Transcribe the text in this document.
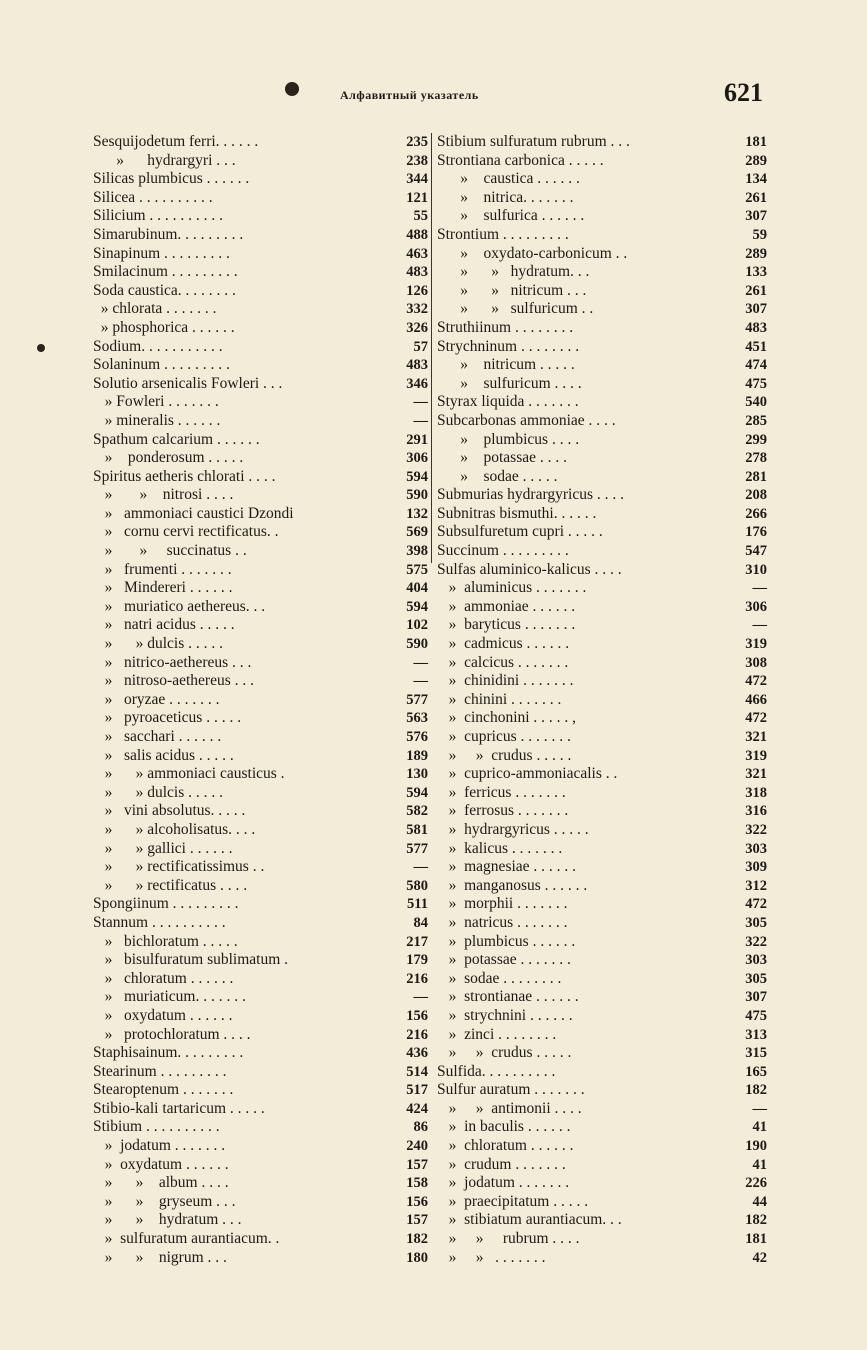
Алфавитный указатель	621
Sesquijodetum ferri. . . . . .	235
»      hydrargyri . . .	238
Silicas plumbicus . . . . . .	344
Silicea . . . . . . . . . .	121
Silicium . . . . . . . . . .	55
Simarubinum. . . . . . . . .	488
Sinapinum . . . . . . . . .	463
Smilacinum . . . . . . . . .	483
Soda caustica. . . . . . . .	126
» chlorata . . . . . . .	332
» phosphorica . . . . . .	326
Sodium. . . . . . . . . . .	57
Solaninum . . . . . . . . .	483
Solutio arsenicalis Fowleri . . .	346
» Fowleri . . . . . . .	—
» mineralis . . . . . .	—
Spathum calcarium . . . . . .	291
»    ponderosum . . . . .	306
Spiritus aetheris chlorati . . . .	594
»       »    nitrosi . . . .	590
»   ammoniaci caustici Dzondi	132
»   cornu cervi rectificatus. .	569
»       »     succinatus . .	398
»   frumenti . . . . . . .	575
»   Mindereri . . . . . .	404
»   muriatico aethereus. . .	594
»   natri acidus . . . . .	102
»      » dulcis . . . . .	590
»   nitrico-aethereus . . .	—
»   nitroso-aethereus . . .	—
»   oryzae . . . . . . .	577
»   pyroaceticus . . . . .	563
»   sacchari . . . . . .	576
»   salis acidus . . . . .	189
»      » ammoniaci causticus .	130
»      » dulcis . . . . .	594
»   vini absolutus. . . . .	582
»      » alcoholisatus. . . .	581
»      » gallici . . . . . .	577
»      » rectificatissimus . .	—
»      » rectificatus . . . .	580
Spongiinum . . . . . . . . .	511
Stannum . . . . . . . . . .	84
»   bichloratum . . . . .	217
»   bisulfuratum sublimatum .	179
»   chloratum . . . . . .	216
»   muriaticum. . . . . . .	—
»   oxydatum . . . . . .	156
»   protochloratum . . . .	216
Staphisainum. . . . . . . . .	436
Stearinum . . . . . . . . .	514
Stearoptenum . . . . . . .	517
Stibio-kali tartaricum . . . . .	424
Stibium . . . . . . . . . .	86
»  jodatum . . . . . . .	240
»  oxydatum . . . . . .	157
»      »    album . . . .	158
»      »    gryseum . . .	156
»      »    hydratum . . .	157
»  sulfuratum aurantiacum. .	182
»      »    nigrum . . .	180
Stibium sulfuratum rubrum . . .	181
Strontiana carbonica . . . . .	289
»    caustica . . . . . .	134
»    nitrica. . . . . . .	261
»    sulfurica . . . . . .	307
Strontium . . . . . . . . .	59
»    oxydato-carbonicum . .	289
»      »   hydratum. . .	133
»      »   nitricum . . .	261
»      »   sulfuricum . .	307
Struthiinum . . . . . . . .	483
Strychninum . . . . . . . .	451
»    nitricum . . . . .	474
»    sulfuricum . . . .	475
Styrax liquida . . . . . . .	540
Subcarbonas ammoniae . . . .	285
»    plumbicus . . . .	299
»    potassae . . . .	278
»    sodae . . . . .	281
Submurias hydrargyricus . . . .	208
Subnitras bismuthi. . . . . .	266
Subsulfuretum cupri . . . . .	176
Succinum . . . . . . . . .	547
Sulfas aluminico-kalicus . . . .	310
»  aluminicus . . . . . . .	—
»  ammoniae . . . . . .	306
»  baryticus . . . . . . .	—
»  cadmicus . . . . . .	319
»  calcicus . . . . . . .	308
»  chinidini . . . . . . .	472
»  chinini . . . . . . .	466
»  cinchonini . . . . . ,	472
»  cupricus . . . . . . .	321
»     »  crudus . . . . .	319
»  cuprico-ammoniacalis . .	321
»  ferricus . . . . . . .	318
»  ferrosus . . . . . . .	316
»  hydrargyricus . . . . .	322
»  kalicus . . . . . . .	303
»  magnesiae . . . . . .	309
»  manganosus . . . . . .	312
»  morphii . . . . . . .	472
»  natricus . . . . . . .	305
»  plumbicus . . . . . .	322
»  potassae . . . . . . .	303
»  sodae . . . . . . . .	305
»  strontianae . . . . . .	307
»  strychnini . . . . . .	475
»  zinci . . . . . . . .	313
»     »  crudus . . . . .	315
Sulfida. . . . . . . . . .	165
Sulfur auratum . . . . . . .	182
»     »  antimonii . . . .	—
»  in baculis . . . . . .	41
»  chloratum . . . . . .	190
»  crudum . . . . . . .	41
»  jodatum . . . . . . .	226
»  praecipitatum . . . . .	44
»  stibiatum aurantiacum. . .	182
»     »     rubrum . . . .	181
»     »   . . . . . . .	42
